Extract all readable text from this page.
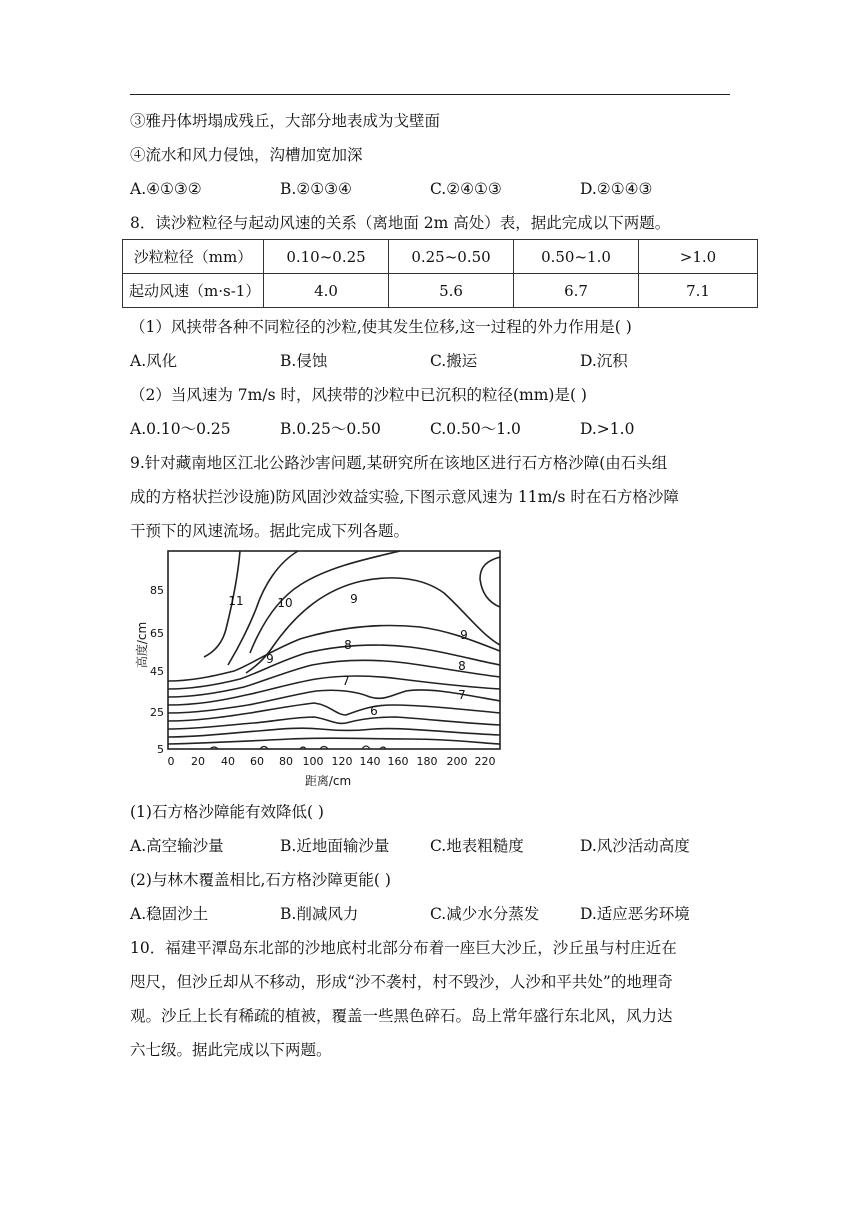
③雅丹体坍塌成残丘，大部分地表成为戈壁面
④流水和风力侵蚀，沟槽加宽加深
A.④①③②	B.②①③④	C.②④①③	D.②①④③
8．读沙粒粒径与起动风速的关系（离地面 2m 高处）表，据此完成以下两题。
沙粒粒径（mm）	0.10~0.25	0.25~0.50	0.50~1.0	>1.0
起动风速（m·s-1）	4.0	5.6	6.7	7.1
（1）风挟带各种不同粒径的沙粒,使其发生位移,这一过程的外力作用是( )
A.风化	B.侵蚀	C.搬运	D.沉积
（2）当风速为 7m/s 时，风挟带的沙粒中已沉积的粒径(mm)是( )
A.0.10～0.25	B.0.25～0.50	C.0.50～1.0	D.>1.0
9.针对藏南地区江北公路沙害问题,某研究所在该地区进行石方格沙障(由石头组
成的方格状拦沙设施)防风固沙效益实验,下图示意风速为 11m/s 时在石方格沙障
干预下的风速流场。据此完成下列各题。
85
65
45
25
5
高度/cm
0 20 40 60 80 100 120 140 160 180 200 220
距离/cm
11	10	9
9
9
8
8
7
7
6
(1)石方格沙障能有效降低( )
A.高空输沙量	B.近地面输沙量	C.地表粗糙度	D.风沙活动高度
(2)与林木覆盖相比,石方格沙障更能( )
A.稳固沙土	B.削减风力	C.减少水分蒸发	D.适应恶劣环境
10．福建平潭岛东北部的沙地底村北部分布着一座巨大沙丘，沙丘虽与村庄近在
咫尺，但沙丘却从不移动，形成“沙不袭村，村不毁沙，人沙和平共处”的地理奇
观。沙丘上长有稀疏的植被，覆盖一些黑色碎石。岛上常年盛行东北风，风力达
六七级。据此完成以下两题。
